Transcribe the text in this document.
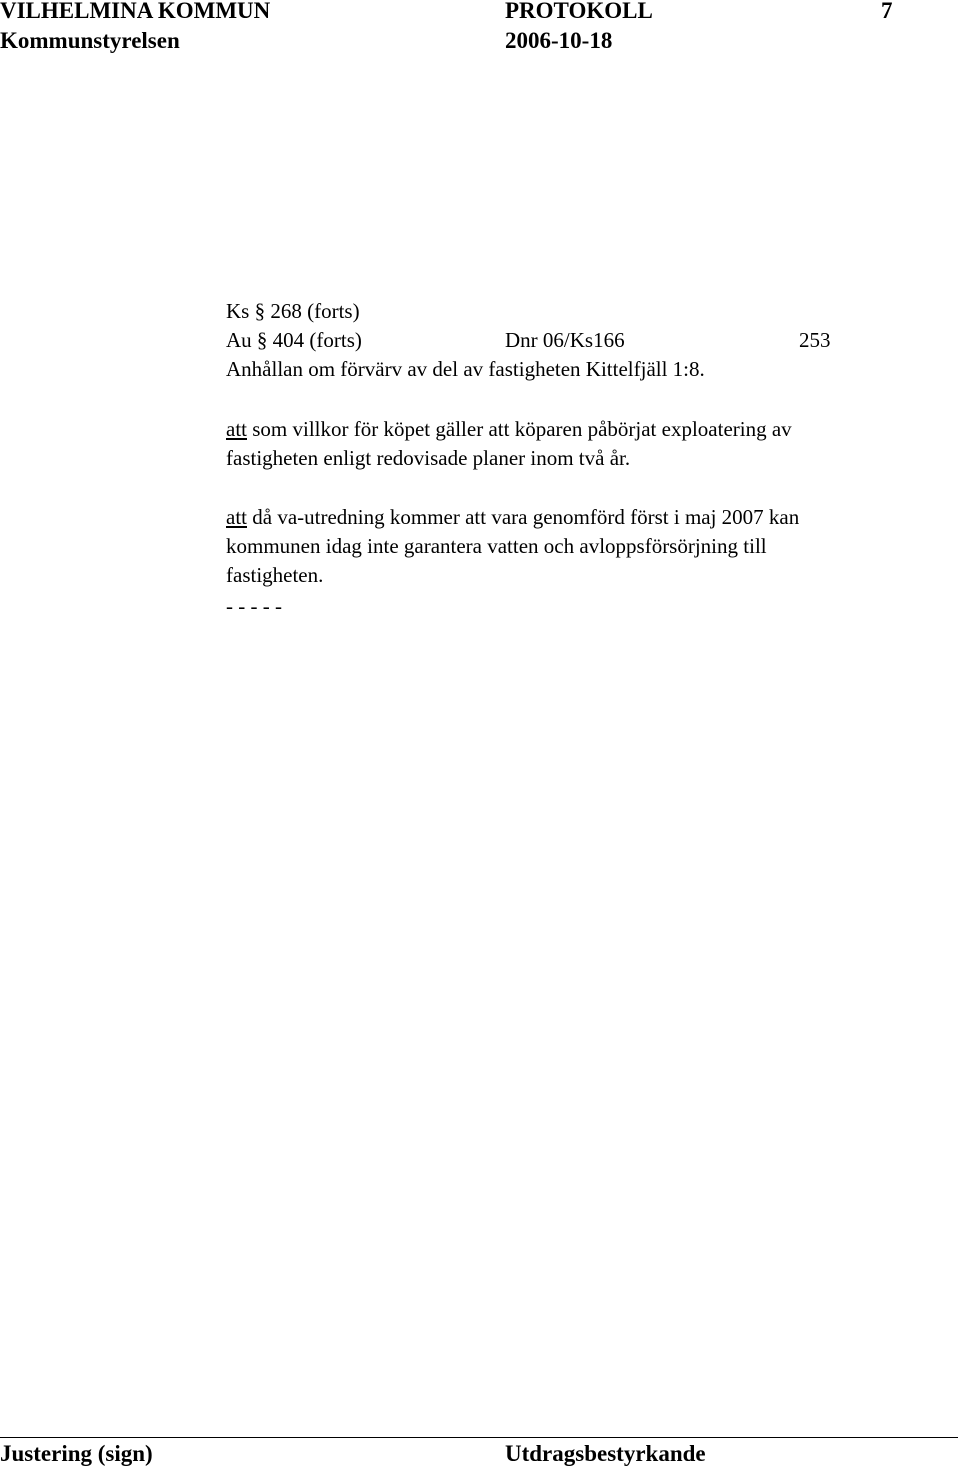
VILHELMINA KOMMUN	PROTOKOLL	7
Kommunstyrelsen	2006-10-18
Ks § 268 (forts)
Au § 404 (forts)	Dnr 06/Ks166	253
Anhållan om förvärv av del av fastigheten Kittelfjäll 1:8.
att som villkor för köpet gäller att köparen påbörjat exploatering av
fastigheten enligt redovisade planer inom två år.
att då va-utredning kommer att vara genomförd först i maj 2007 kan
kommunen idag inte garantera vatten och avloppsförsörjning till
fastigheten.
- - - - -
Justering (sign)	Utdragsbestyrkande
